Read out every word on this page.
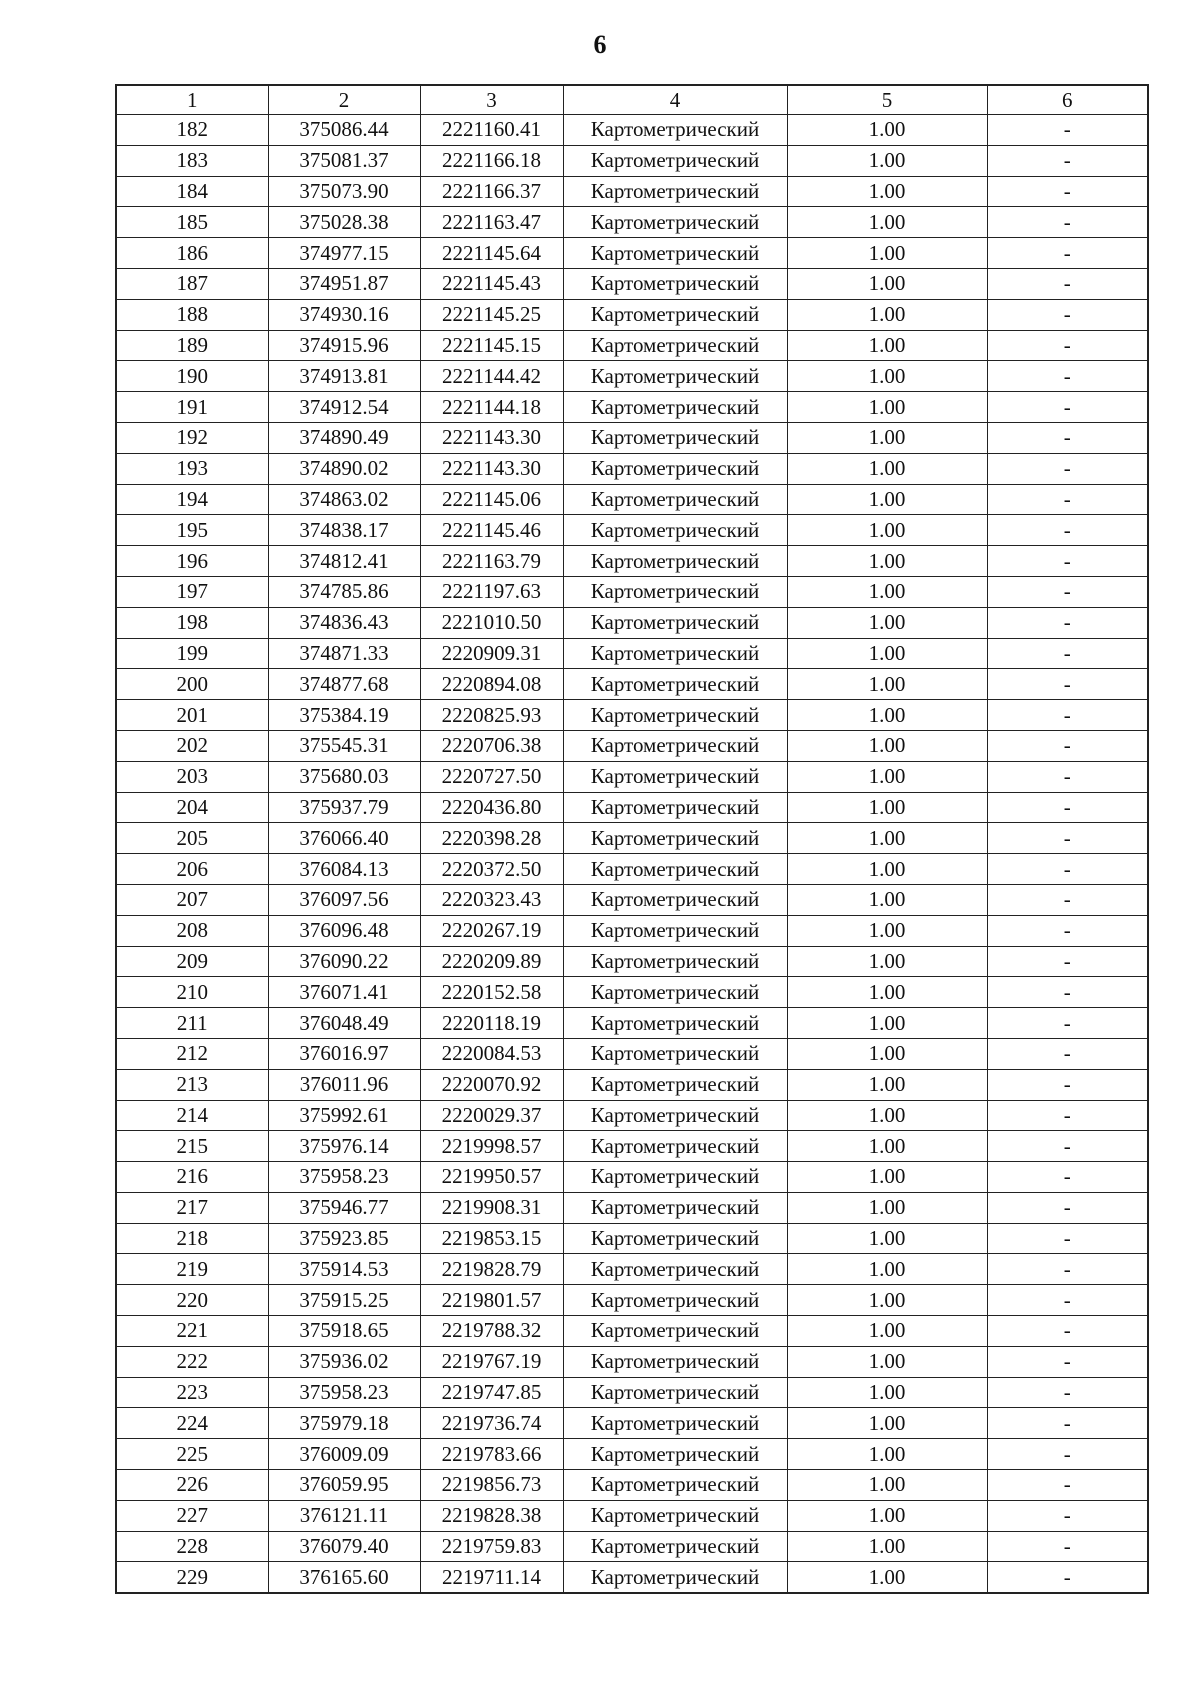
6
1	2	3	4	5	6
182	375086.44	2221160.41	Картометрический	1.00	-
183	375081.37	2221166.18	Картометрический	1.00	-
184	375073.90	2221166.37	Картометрический	1.00	-
185	375028.38	2221163.47	Картометрический	1.00	-
186	374977.15	2221145.64	Картометрический	1.00	-
187	374951.87	2221145.43	Картометрический	1.00	-
188	374930.16	2221145.25	Картометрический	1.00	-
189	374915.96	2221145.15	Картометрический	1.00	-
190	374913.81	2221144.42	Картометрический	1.00	-
191	374912.54	2221144.18	Картометрический	1.00	-
192	374890.49	2221143.30	Картометрический	1.00	-
193	374890.02	2221143.30	Картометрический	1.00	-
194	374863.02	2221145.06	Картометрический	1.00	-
195	374838.17	2221145.46	Картометрический	1.00	-
196	374812.41	2221163.79	Картометрический	1.00	-
197	374785.86	2221197.63	Картометрический	1.00	-
198	374836.43	2221010.50	Картометрический	1.00	-
199	374871.33	2220909.31	Картометрический	1.00	-
200	374877.68	2220894.08	Картометрический	1.00	-
201	375384.19	2220825.93	Картометрический	1.00	-
202	375545.31	2220706.38	Картометрический	1.00	-
203	375680.03	2220727.50	Картометрический	1.00	-
204	375937.79	2220436.80	Картометрический	1.00	-
205	376066.40	2220398.28	Картометрический	1.00	-
206	376084.13	2220372.50	Картометрический	1.00	-
207	376097.56	2220323.43	Картометрический	1.00	-
208	376096.48	2220267.19	Картометрический	1.00	-
209	376090.22	2220209.89	Картометрический	1.00	-
210	376071.41	2220152.58	Картометрический	1.00	-
211	376048.49	2220118.19	Картометрический	1.00	-
212	376016.97	2220084.53	Картометрический	1.00	-
213	376011.96	2220070.92	Картометрический	1.00	-
214	375992.61	2220029.37	Картометрический	1.00	-
215	375976.14	2219998.57	Картометрический	1.00	-
216	375958.23	2219950.57	Картометрический	1.00	-
217	375946.77	2219908.31	Картометрический	1.00	-
218	375923.85	2219853.15	Картометрический	1.00	-
219	375914.53	2219828.79	Картометрический	1.00	-
220	375915.25	2219801.57	Картометрический	1.00	-
221	375918.65	2219788.32	Картометрический	1.00	-
222	375936.02	2219767.19	Картометрический	1.00	-
223	375958.23	2219747.85	Картометрический	1.00	-
224	375979.18	2219736.74	Картометрический	1.00	-
225	376009.09	2219783.66	Картометрический	1.00	-
226	376059.95	2219856.73	Картометрический	1.00	-
227	376121.11	2219828.38	Картометрический	1.00	-
228	376079.40	2219759.83	Картометрический	1.00	-
229	376165.60	2219711.14	Картометрический	1.00	-
